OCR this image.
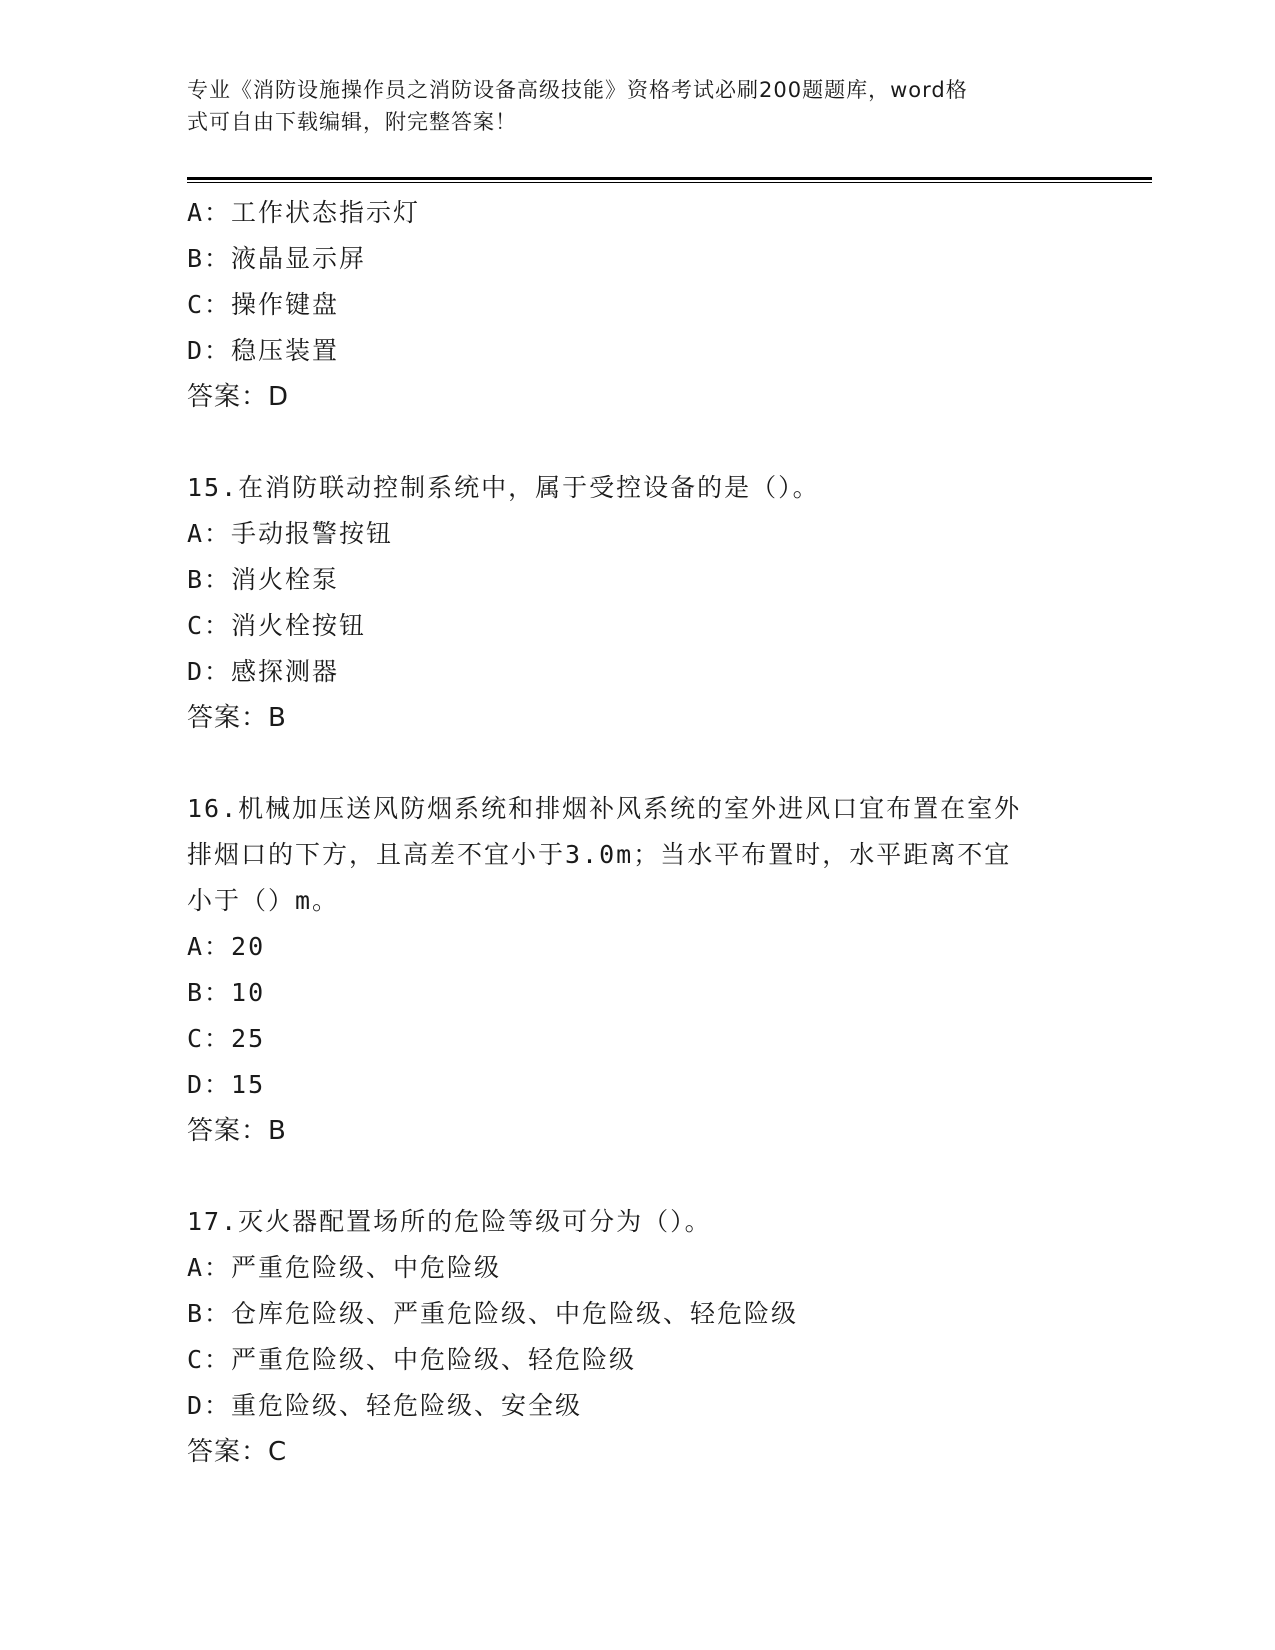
专业《消防设施操作员之消防设备高级技能》资格考试必刷200题题库，word格
式可自由下载编辑，附完整答案！
A：工作状态指示灯
B：液晶显示屏
C：操作键盘
D：稳压装置
答案：D
15.在消防联动控制系统中，属于受控设备的是（）。
A：手动报警按钮
B：消火栓泵
C：消火栓按钮
D：感探测器
答案：B
16.机械加压送风防烟系统和排烟补风系统的室外进风口宜布置在室外
排烟口的下方，且高差不宜小于3.0m；当水平布置时，水平距离不宜
小于（）m。
A：20
B：10
C：25
D：15
答案：B
17.灭火器配置场所的危险等级可分为（）。
A：严重危险级、中危险级
B：仓库危险级、严重危险级、中危险级、轻危险级
C：严重危险级、中危险级、轻危险级
D：重危险级、轻危险级、安全级
答案：C
